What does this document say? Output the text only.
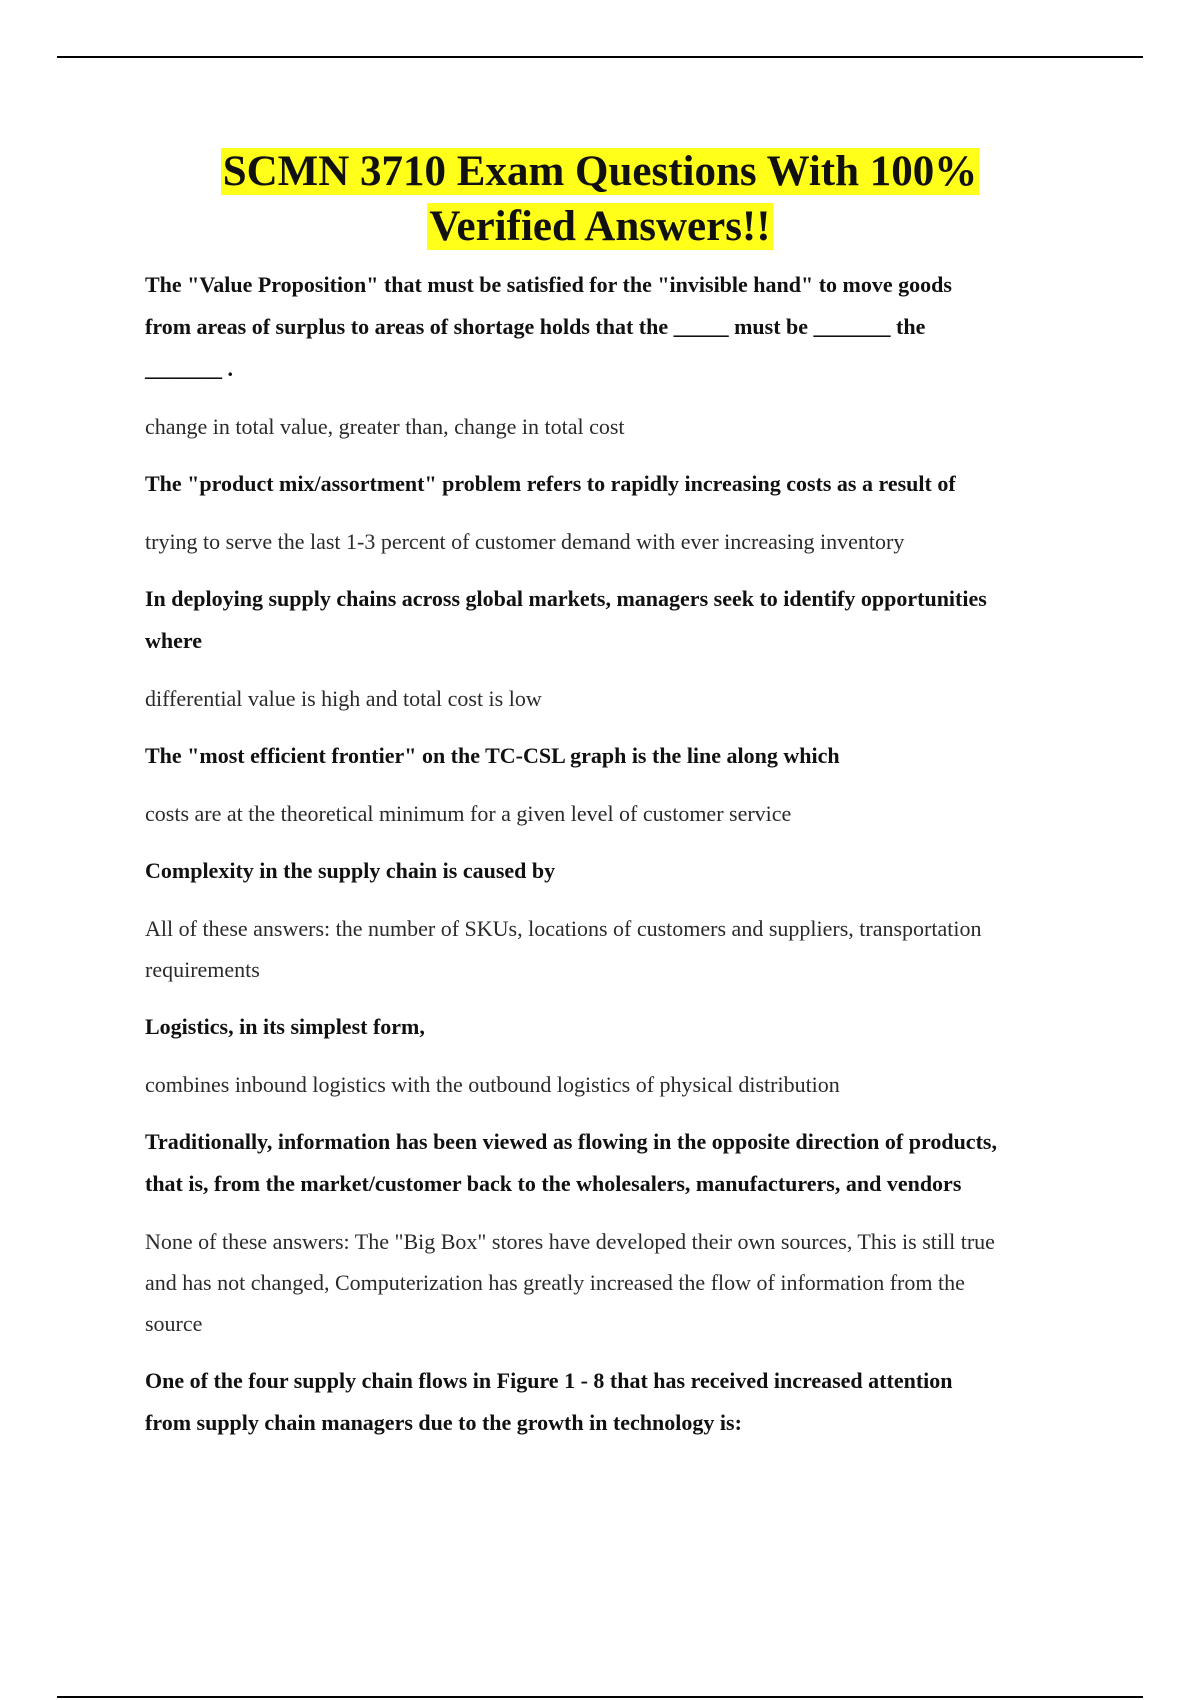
SCMN 3710 Exam Questions With 100%
Verified Answers!!
The "Value Proposition" that must be satisfied for the "invisible hand" to move goods
from areas of surplus to areas of shortage holds that the _____ must be _______ the
_______ .
change in total value, greater than, change in total cost
The "product mix/assortment" problem refers to rapidly increasing costs as a result of
trying to serve the last 1-3 percent of customer demand with ever increasing inventory
In deploying supply chains across global markets, managers seek to identify opportunities
where
differential value is high and total cost is low
The "most efficient frontier" on the TC-CSL graph is the line along which
costs are at the theoretical minimum for a given level of customer service
Complexity in the supply chain is caused by
All of these answers: the number of SKUs, locations of customers and suppliers, transportation
requirements
Logistics, in its simplest form,
combines inbound logistics with the outbound logistics of physical distribution
Traditionally, information has been viewed as flowing in the opposite direction of products,
that is, from the market/customer back to the wholesalers, manufacturers, and vendors
None of these answers: The "Big Box" stores have developed their own sources, This is still true
and has not changed, Computerization has greatly increased the flow of information from the
source
One of the four supply chain flows in Figure 1 - 8 that has received increased attention
from supply chain managers due to the growth in technology is:
